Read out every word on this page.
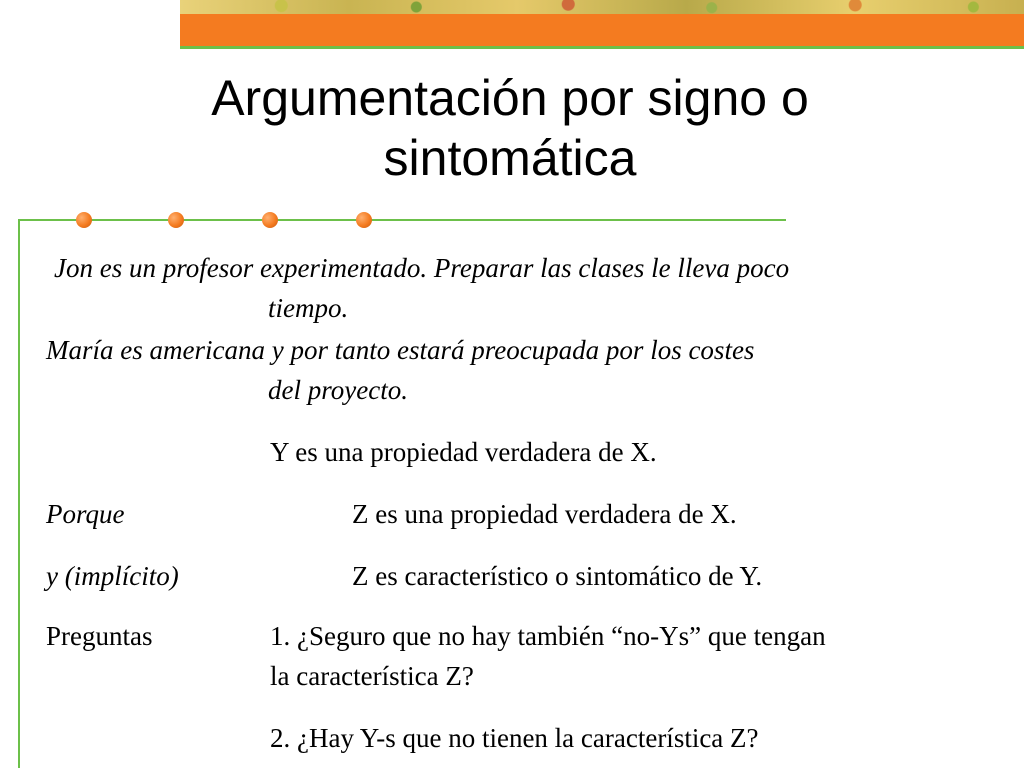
Argumentación por signo o
sintomática
Jon es un profesor experimentado. Preparar las clases le lleva poco
tiempo.
María es americana y por tanto estará preocupada por los costes
del proyecto.
Y es una propiedad verdadera de X.
Porque	Z es una propiedad verdadera de X.
y (implícito)	Z es característico o sintomático de Y.
Preguntas	1. ¿Seguro que no hay también “no-Ys” que tengan
la característica Z?
2. ¿Hay Y-s que no tienen la característica Z?
